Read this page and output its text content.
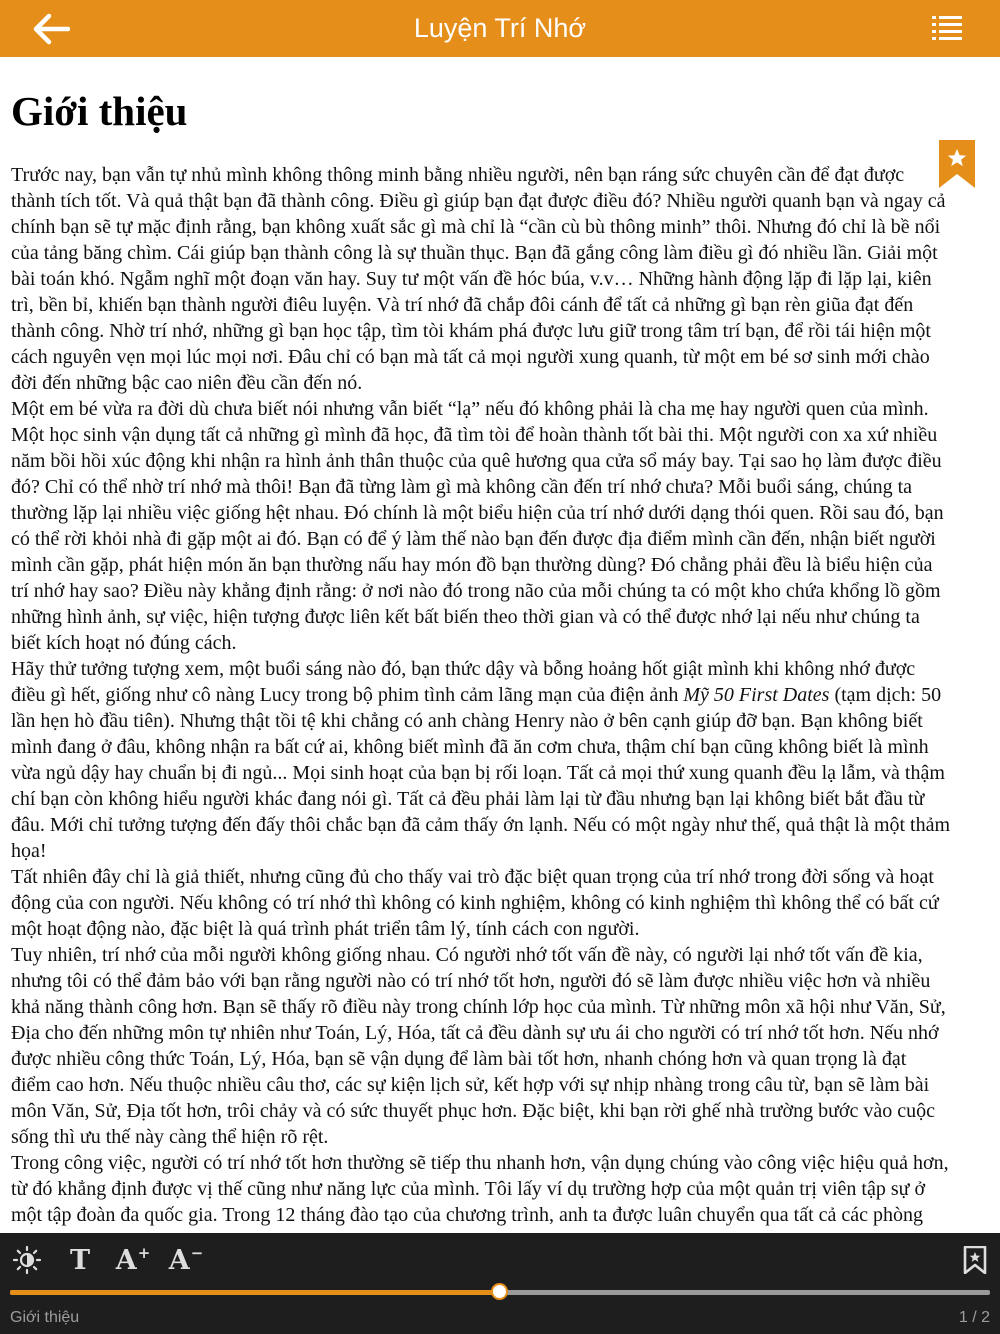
Luyện Trí Nhớ
Giới thiệu

Trước nay, bạn vẫn tự nhủ mình không thông minh bằng nhiều người, nên bạn ráng sức chuyên cần để đạt được
thành tích tốt. Và quả thật bạn đã thành công. Điều gì giúp bạn đạt được điều đó? Nhiều người quanh bạn và ngay cả
chính bạn sẽ tự mặc định rằng, bạn không xuất sắc gì mà chỉ là “cần cù bù thông minh” thôi. Nhưng đó chỉ là bề nổi
của tảng băng chìm. Cái giúp bạn thành công là sự thuần thục. Bạn đã gắng công làm điều gì đó nhiều lần. Giải một
bài toán khó. Ngẫm nghĩ một đoạn văn hay. Suy tư một vấn đề hóc búa, v.v… Những hành động lặp đi lặp lại, kiên
trì, bền bỉ, khiến bạn thành người điêu luyện. Và trí nhớ đã chắp đôi cánh để tất cả những gì bạn rèn giũa đạt đến
thành công. Nhờ trí nhớ, những gì bạn học tập, tìm tòi khám phá được lưu giữ trong tâm trí bạn, để rồi tái hiện một
cách nguyên vẹn mọi lúc mọi nơi. Đâu chỉ có bạn mà tất cả mọi người xung quanh, từ một em bé sơ sinh mới chào
đời đến những bậc cao niên đều cần đến nó.

Một em bé vừa ra đời dù chưa biết nói nhưng vẫn biết “lạ” nếu đó không phải là cha mẹ hay người quen của mình.
Một học sinh vận dụng tất cả những gì mình đã học, đã tìm tòi để hoàn thành tốt bài thi. Một người con xa xứ nhiều
năm bồi hồi xúc động khi nhận ra hình ảnh thân thuộc của quê hương qua cửa sổ máy bay. Tại sao họ làm được điều
đó? Chỉ có thể nhờ trí nhớ mà thôi! Bạn đã từng làm gì mà không cần đến trí nhớ chưa? Mỗi buổi sáng, chúng ta
thường lặp lại nhiều việc giống hệt nhau. Đó chính là một biểu hiện của trí nhớ dưới dạng thói quen. Rồi sau đó, bạn
có thể rời khỏi nhà đi gặp một ai đó. Bạn có để ý làm thế nào bạn đến được địa điểm mình cần đến, nhận biết người
mình cần gặp, phát hiện món ăn bạn thường nấu hay món đồ bạn thường dùng? Đó chẳng phải đều là biểu hiện của
trí nhớ hay sao? Điều này khẳng định rằng: ở nơi nào đó trong não của mỗi chúng ta có một kho chứa khổng lồ gồm
những hình ảnh, sự việc, hiện tượng được liên kết bất biến theo thời gian và có thể được nhớ lại nếu như chúng ta
biết kích hoạt nó đúng cách.

Hãy thử tưởng tượng xem, một buổi sáng nào đó, bạn thức dậy và bỗng hoảng hốt giật mình khi không nhớ được
điều gì hết, giống như cô nàng Lucy trong bộ phim tình cảm lãng mạn của điện ảnh Mỹ 50 First Dates (tạm dịch: 50
lần hẹn hò đầu tiên). Nhưng thật tồi tệ khi chẳng có anh chàng Henry nào ở bên cạnh giúp đỡ bạn. Bạn không biết
mình đang ở đâu, không nhận ra bất cứ ai, không biết mình đã ăn cơm chưa, thậm chí bạn cũng không biết là mình
vừa ngủ dậy hay chuẩn bị đi ngủ... Mọi sinh hoạt của bạn bị rối loạn. Tất cả mọi thứ xung quanh đều lạ lẫm, và thậm
chí bạn còn không hiểu người khác đang nói gì. Tất cả đều phải làm lại từ đầu nhưng bạn lại không biết bắt đầu từ
đâu. Mới chỉ tưởng tượng đến đấy thôi chắc bạn đã cảm thấy ớn lạnh. Nếu có một ngày như thế, quả thật là một thảm
họa!

Tất nhiên đây chỉ là giả thiết, nhưng cũng đủ cho thấy vai trò đặc biệt quan trọng của trí nhớ trong đời sống và hoạt
động của con người. Nếu không có trí nhớ thì không có kinh nghiệm, không có kinh nghiệm thì không thể có bất cứ
một hoạt động nào, đặc biệt là quá trình phát triển tâm lý, tính cách con người.

Tuy nhiên, trí nhớ của mỗi người không giống nhau. Có người nhớ tốt vấn đề này, có người lại nhớ tốt vấn đề kia,
nhưng tôi có thể đảm bảo với bạn rằng người nào có trí nhớ tốt hơn, người đó sẽ làm được nhiều việc hơn và nhiều
khả năng thành công hơn. Bạn sẽ thấy rõ điều này trong chính lớp học của mình. Từ những môn xã hội như Văn, Sử,
Địa cho đến những môn tự nhiên như Toán, Lý, Hóa, tất cả đều dành sự ưu ái cho người có trí nhớ tốt hơn. Nếu nhớ
được nhiều công thức Toán, Lý, Hóa, bạn sẽ vận dụng để làm bài tốt hơn, nhanh chóng hơn và quan trọng là đạt
điểm cao hơn. Nếu thuộc nhiều câu thơ, các sự kiện lịch sử, kết hợp với sự nhịp nhàng trong câu từ, bạn sẽ làm bài
môn Văn, Sử, Địa tốt hơn, trôi chảy và có sức thuyết phục hơn. Đặc biệt, khi bạn rời ghế nhà trường bước vào cuộc
sống thì ưu thế này càng thể hiện rõ rệt.

Trong công việc, người có trí nhớ tốt hơn thường sẽ tiếp thu nhanh hơn, vận dụng chúng vào công việc hiệu quả hơn,
từ đó khẳng định được vị thế cũng như năng lực của mình. Tôi lấy ví dụ trường hợp của một quản trị viên tập sự ở
một tập đoàn đa quốc gia. Trong 12 tháng đào tạo của chương trình, anh ta được luân chuyển qua tất cả các phòng

T A+ A−
Giới thiệu	1 / 2
